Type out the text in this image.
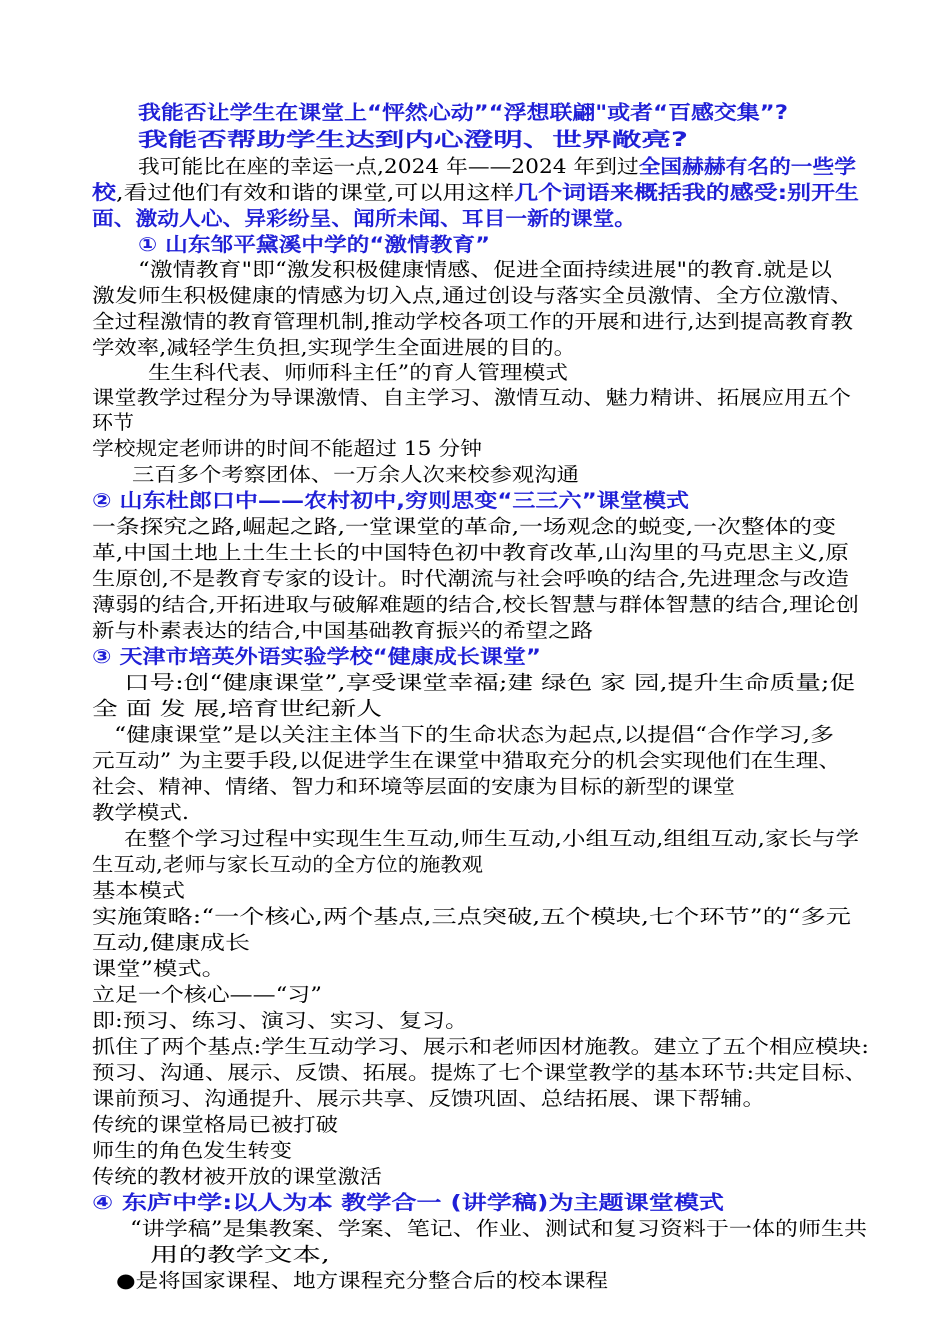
我能否让学生在课堂上“怦然心动”“浮想联翩"或者“百感交集”?
我能否帮助学生达到内心澄明、世界敞亮?
我可能比在座的幸运一点,2024 年——2024 年到过全国赫赫有名的一些学
校,看过他们有效和谐的课堂,可以用这样几个词语来概括我的感受:别开生
面、激动人心、异彩纷呈、闻所未闻、耳目一新的课堂。
① 山东邹平黛溪中学的“激情教育”
“激情教育"即“激发积极健康情感、促进全面持续进展"的教育.就是以
激发师生积极健康的情感为切入点,通过创设与落实全员激情、全方位激情、
全过程激情的教育管理机制,推动学校各项工作的开展和进行,达到提高教育教
学效率,减轻学生负担,实现学生全面进展的目的。
生生科代表、师师科主任”的育人管理模式
课堂教学过程分为导课激情、自主学习、激情互动、魅力精讲、拓展应用五个
环节
学校规定老师讲的时间不能超过 15 分钟
三百多个考察团体、一万余人次来校参观沟通
② 山东杜郎口中——农村初中,穷则思变“三三六”课堂模式
一条探究之路,崛起之路,一堂课堂的革命,一场观念的蜕变,一次整体的变
革,中国土地上土生土长的中国特色初中教育改革,山沟里的马克思主义,原
生原创,不是教育专家的设计。时代潮流与社会呼唤的结合,先进理念与改造
薄弱的结合,开拓进取与破解难题的结合,校长智慧与群体智慧的结合,理论创
新与朴素表达的结合,中国基础教育振兴的希望之路
③ 天津市培英外语实验学校“健康成长课堂”
口号:创“健康课堂”,享受课堂幸福;建 绿色 家 园,提升生命质量;促
全 面 发 展,培育世纪新人
“健康课堂”是以关注主体当下的生命状态为起点,以提倡“合作学习,多
元互动” 为主要手段,以促进学生在课堂中猎取充分的机会实现他们在生理、
社会、精神、情绪、智力和环境等层面的安康为目标的新型的课堂
教学模式.
在整个学习过程中实现生生互动,师生互动,小组互动,组组互动,家长与学
生互动,老师与家长互动的全方位的施教观
基本模式
实施策略:“一个核心,两个基点,三点突破,五个模块,七个环节”的“多元
互动,健康成长
课堂”模式。
立足一个核心——“习”
即:预习、练习、演习、实习、复习。
抓住了两个基点:学生互动学习、展示和老师因材施教。建立了五个相应模块:
预习、沟通、展示、反馈、拓展。提炼了七个课堂教学的基本环节:共定目标、
课前预习、沟通提升、展示共享、反馈巩固、总结拓展、课下帮辅。
传统的课堂格局已被打破
师生的角色发生转变
传统的教材被开放的课堂激活
④ 东庐中学:以人为本 教学合一 (讲学稿)为主题课堂模式
“讲学稿”是集教案、学案、笔记、作业、测试和复习资料于一体的师生共
用的教学文本,
●是将国家课程、地方课程充分整合后的校本课程
